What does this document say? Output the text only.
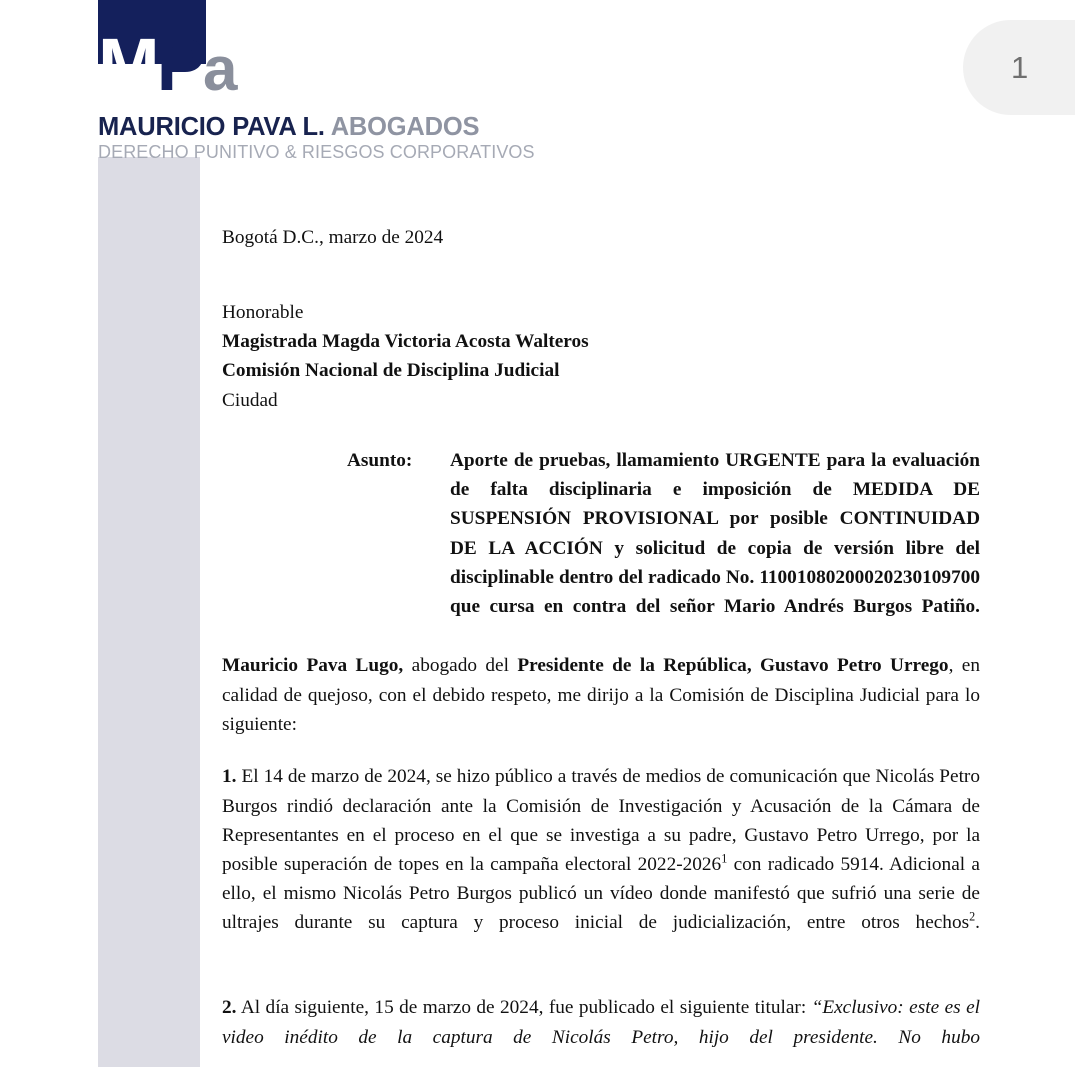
1
MPa
MAURICIO PAVA L. ABOGADOS
DERECHO PUNITIVO & RIESGOS CORPORATIVOS
Bogotá D.C., marzo de 2024
Honorable
Magistrada Magda Victoria Acosta Walteros
Comisión Nacional de Disciplina Judicial
Ciudad
Asunto:	Aporte de pruebas, llamamiento URGENTE para la evaluación de falta disciplinaria e imposición de MEDIDA DE SUSPENSIÓN PROVISIONAL por posible CONTINUIDAD DE LA ACCIÓN y solicitud de copia de versión libre del disciplinable dentro del radicado No. 11001080200020230109700 que cursa en contra del señor Mario Andrés Burgos Patiño.

Mauricio Pava Lugo, abogado del Presidente de la República, Gustavo Petro Urrego, en calidad de quejoso, con el debido respeto, me dirijo a la Comisión de Disciplina Judicial para lo siguiente:

1. El 14 de marzo de 2024, se hizo público a través de medios de comunicación que Nicolás Petro Burgos rindió declaración ante la Comisión de Investigación y Acusación de la Cámara de Representantes en el proceso en el que se investiga a su padre, Gustavo Petro Urrego, por la posible superación de topes en la campaña electoral 2022-2026$^1$ con radicado 5914. Adicional a ello, el mismo Nicolás Petro Burgos publicó un vídeo donde manifestó que sufrió una serie de ultrajes durante su captura y proceso inicial de judicialización, entre otros hechos$^2$.

2. Al día siguiente, 15 de marzo de 2024, fue publicado el siguiente titular: “Exclusivo: este es el video inédito de la captura de Nicolás Petro, hijo del presidente. No hubo
